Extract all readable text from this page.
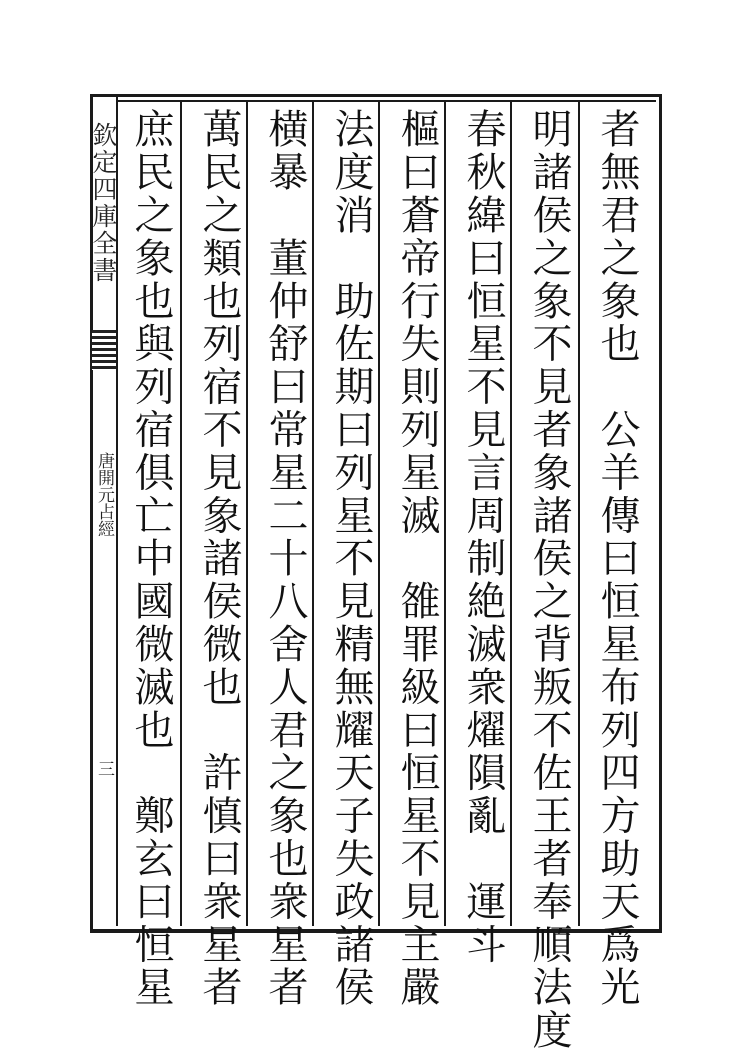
欽定四庫全書
唐開元占經
三	者無君之象也　公羊傳曰恒星布列四方助天爲光
明諸侯之象不見者象諸侯之背叛不佐王者奉順法度
春秋緯曰恒星不見言周制絶滅衆燿隕亂　運斗
樞曰蒼帝行失則列星滅　雒罪級曰恒星不見主嚴
法度消　助佐期曰列星不見精無耀天子失政諸侯
横暴　董仲舒曰常星二十八舍人君之象也衆星者
萬民之類也列宿不見象諸侯微也　許慎曰衆星者
庶民之象也與列宿俱亡中國微滅也　鄭玄曰恒星
